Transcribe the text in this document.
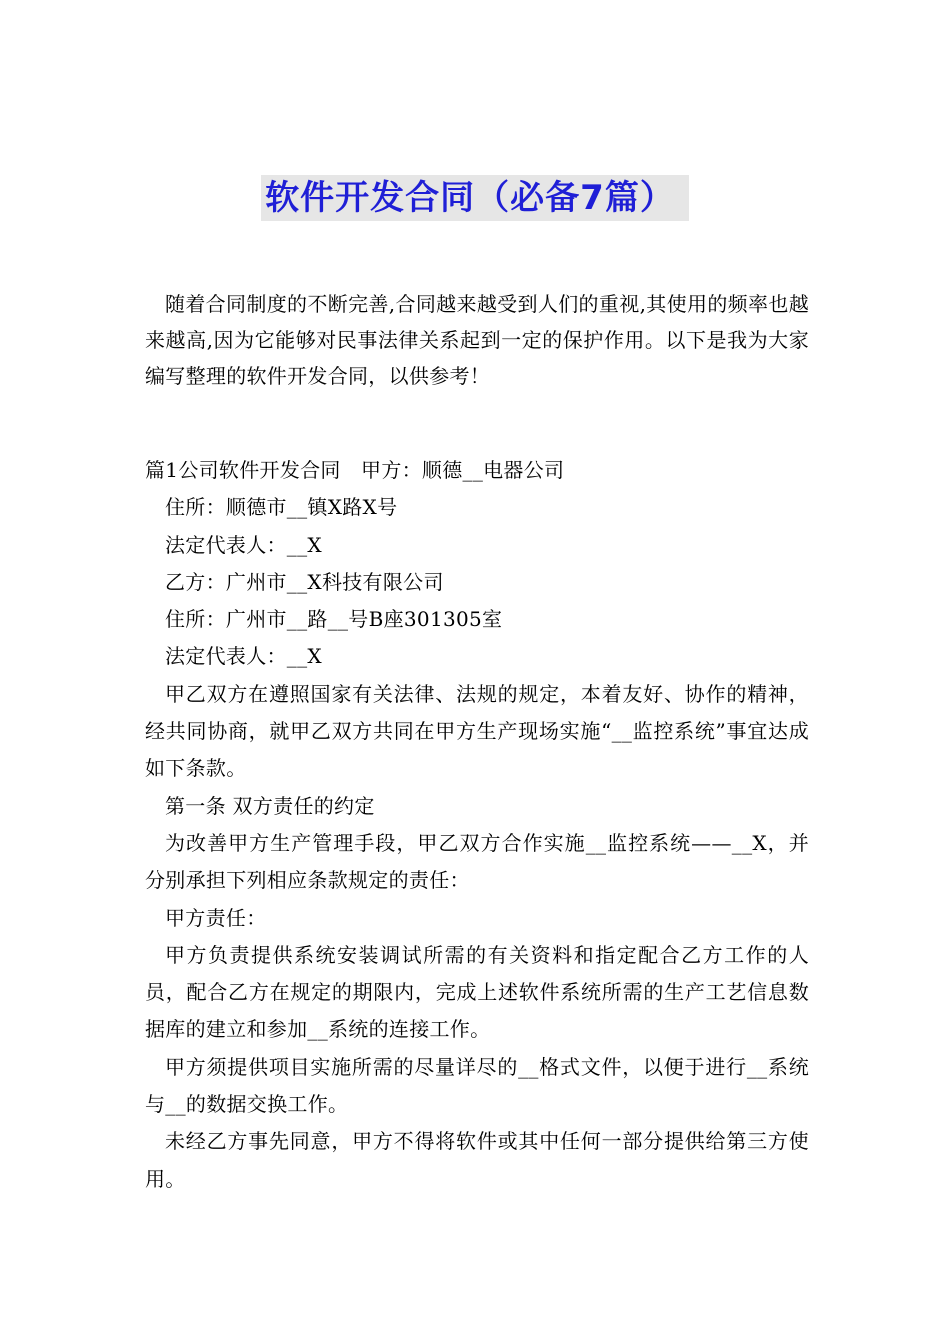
软件开发合同（必备7篇）

随着合同制度的不断完善,合同越来越受到人们的重视,其使用的频率也越来越高,因为它能够对民事法律关系起到一定的保护作用。以下是我为大家编写整理的软件开发合同，以供参考！

篇1公司软件开发合同　甲方：顺德__电器公司

住所：顺德市__镇X路X号

法定代表人：__X

乙方：广州市__X科技有限公司

住所：广州市__路__号B座301305室

法定代表人：__X

甲乙双方在遵照国家有关法律、法规的规定，本着友好、协作的精神，经共同协商，就甲乙双方共同在甲方生产现场实施“__监控系统”事宜达成如下条款。

第一条 双方责任的约定

为改善甲方生产管理手段，甲乙双方合作实施__监控系统——__X，并分别承担下列相应条款规定的责任：

甲方责任：

甲方负责提供系统安装调试所需的有关资料和指定配合乙方工作的人员，配合乙方在规定的期限内，完成上述软件系统所需的生产工艺信息数据库的建立和参加__系统的连接工作。

甲方须提供项目实施所需的尽量详尽的__格式文件，以便于进行__系统与__的数据交换工作。

未经乙方事先同意，甲方不得将软件或其中任何一部分提供给第三方使用。
